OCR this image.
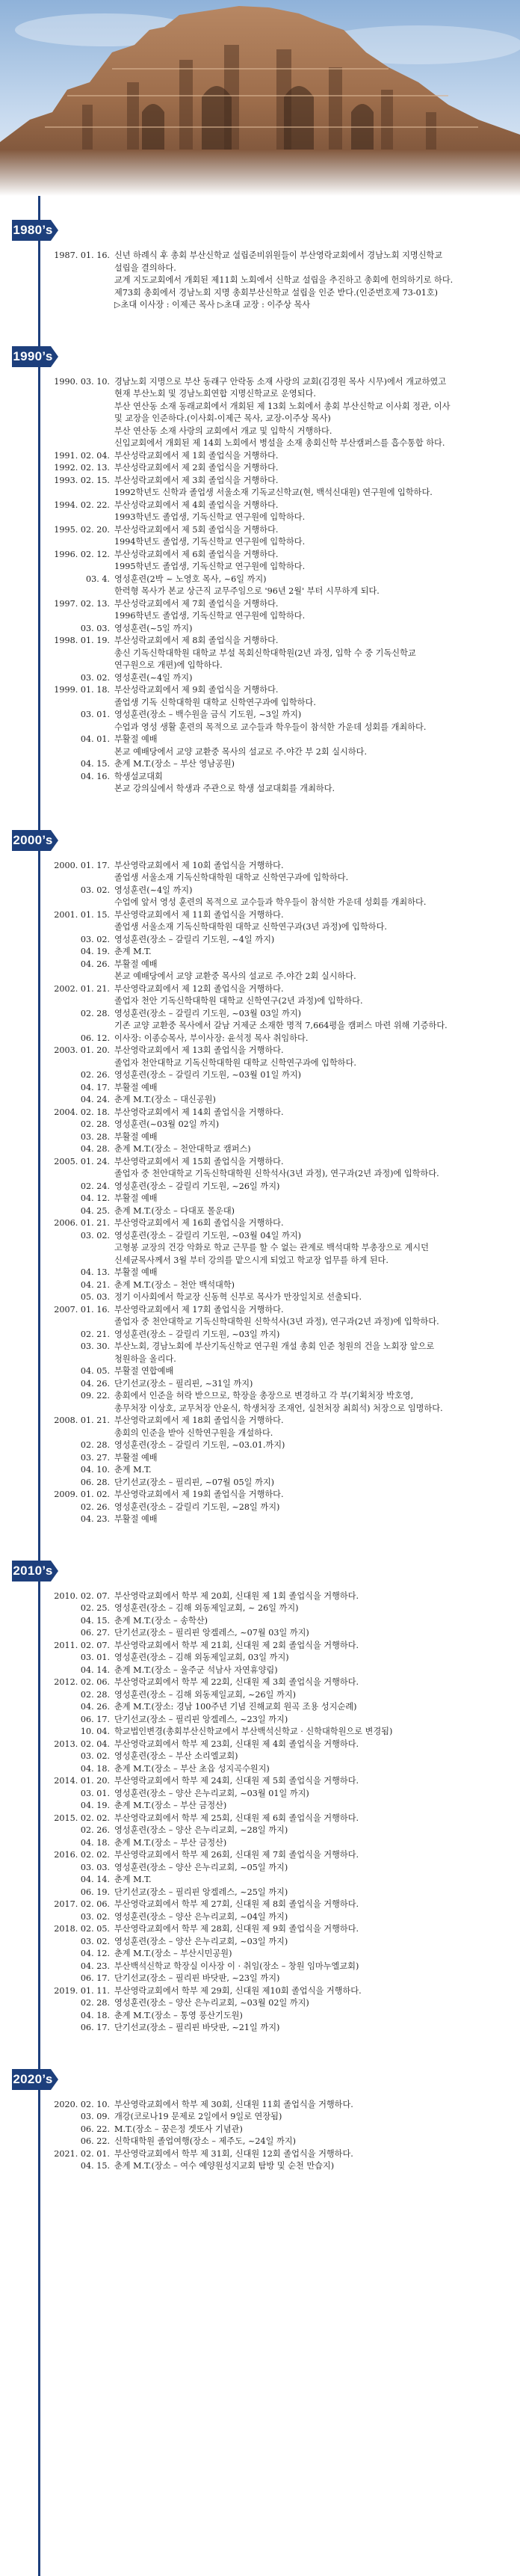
1980’s
1987. 01. 16. 신년 하례식 후 총회 부산신학교 설립준비위원들이 부산영락교회에서 경남노회 지명신학교
설립을 결의하다.
교계 지도교회에서 개회된 제11회 노회에서 신학교 설립을 추진하고 총회에 헌의하기로 하다.
제73회 총회에서 경남노회 지명 총회부산신학교 설립을 인준 받다.(인준번호제 73-01호)
▷초대 이사장 : 이제근 목사 ▷초대 교장 : 이주상 목사
1990’s
1990. 03. 10. 경남노회 지명으로 부산 동래구 안락동 소재 사랑의 교회(김경원 목사 시무)에서 개교하였고
현재 부산노회 및 경남노회연합 지명신학교로 운영되다.
부산 연산동 소재 동래교회에서 개회된 제 13회 노회에서 총회 부산신학교 이사회 정관, 이사
및 교장을 인준하다.(이사회-이제근 목사, 교장-이주상 목사)
부산 연산동 소재 사랑의 교회에서 개교 및 입학식 거행하다.
신입교회에서 개회된 제 14회 노회에서 병설을 소재 총회신학 부산캠퍼스를 흡수통합 하다.
1991. 02. 04. 부산성락교회에서 제 1회 졸업식을 거행하다.
1992. 02. 13. 부산성락교회에서 제 2회 졸업식을 거행하다.
1993. 02. 15. 부산성락교회에서 제 3회 졸업식을 거행하다.
1992학년도 신학과 졸업생 서울소재 기독교신학교(현, 백석신대원) 연구원에 입학하다.
1994. 02. 22. 부산성락교회에서 제 4회 졸업식을 거행하다.
1993학년도 졸업생, 기독신학교 연구원에 입학하다.
1995. 02. 20. 부산성락교회에서 제 5회 졸업식을 거행하다.
1994학년도 졸업생, 기독신학교 연구원에 입학하다.
1996. 02. 12. 부산성락교회에서 제 6회 졸업식을 거행하다.
1995학년도 졸업생, 기독신학교 연구원에 입학하다.
03. 4. 영성훈련(2박 ~ 노영호 목사, ~6일 까지)
한력형 목사가 본교 상근직 교무주임으로 '96년 2월' 부터 시무하게 되다.
1997. 02. 13. 부산성락교회에서 제 7회 졸업식을 거행하다.
1996학년도 졸업생, 기독신학교 연구원에 입학하다.
03. 03. 영성훈련(~5일 까지)
1998. 01. 19. 부산성락교회에서 제 8회 졸업식을 거행하다.
총신 기독신학대학원 대학교 부설 목회신학대학원(2년 과정, 입학 수 중 기독신학교
연구원으로 개편)에 입학하다.
03. 02. 영성훈련(~4일 까지)
1999. 01. 18. 부산성락교회에서 제 9회 졸업식을 거행하다.
졸업생 기독 신학대학원 대학교 신학연구과에 입학하다.
03. 01. 영성훈련(장소 – 백수원을 금식 기도원, ~3일 까지)
수업과 영성 생활 훈련의 목적으로 교수들과 학우들이 참석한 가운데 성회를 개최하다.
04. 01. 부활절 예배
본교 예배당에서 교양 교환중 목사의 설교로 주.야간 부 2회 실시하다.
04. 15. 춘계 M.T.(장소 – 부산 영남공원)
04. 16. 학생설교대회
본교 강의실에서 학생과 주관으로 학생 설교대회를 개최하다.
2000’s
2000. 01. 17. 부산영락교회에서 제 10회 졸업식을 거행하다.
졸업생 서울소재 기독신학대학원 대학교 신학연구과에 입학하다.
03. 02. 영성훈련(~4일 까지)
수업에 앞서 영성 훈련의 목적으로 교수들과 학우들이 참석한 가운데 성회를 개최하다.
2001. 01. 15. 부산영락교회에서 제 11회 졸업식을 거행하다.
졸업생 서울소재 기독신학대학원 대학교 신학연구과(3년 과정)에 입학하다.
03. 02. 영성훈련(장소 – 갈릴리 기도원, ~4일 까지)
04. 19. 춘계 M.T.
04. 26. 부활절 예배
본교 예배당에서 교양 교환중 목사의 설교로 주.야간 2회 실시하다.
2002. 01. 21. 부산영락교회에서 제 12회 졸업식을 거행하다.
졸업자 천안 기독신학대학원 대학교 신학연구(2년 과정)에 입학하다.
02. 28. 영성훈련(장소 – 갈릴리 기도원, ~03월 03일 까지)
기존 교양 교환중 목사에서 갈남 거제군 소재한 명적 7,664평을 캠퍼스 마련 위해 기증하다.
06. 12. 이사장: 이종승목사, 부이사장: 윤석정 목사 취임하다.
2003. 01. 20. 부산영락교회에서 제 13회 졸업식을 거행하다.
졸업자 천안대학교 기독신학대학원 대학교 신학연구과에 입학하다.
02. 26. 영성훈련(장소 – 갈릴리 기도원, ~03월 01일 까지)
04. 17. 부활절 예배
04. 24. 춘계 M.T.(장소 – 대신공원)
2004. 02. 18. 부산영락교회에서 제 14회 졸업식을 거행하다.
02. 28. 영성훈련(~03월 02일 까지)
03. 28. 부활절 예배
04. 28. 춘계 M.T.(장소 – 천안대학교 캠퍼스)
2005. 01. 24. 부산영락교회에서 제 15회 졸업식을 거행하다.
졸업자 중 천안대학교 기독신학대학원 신학석사(3년 과정), 연구과(2년 과정)에 입학하다.
02. 24. 영성훈련(장소 – 갈릴리 기도원, ~26일 까지)
04. 12. 부활절 예배
04. 25. 춘계 M.T.(장소 – 다대포 몰운대)
2006. 01. 21. 부산영락교회에서 제 16회 졸업식을 거행하다.
03. 02. 영성훈련(장소 – 갈릴리 기도원, ~03월 04일 까지)
고형봉 교장의 건강 악화로 학교 근무를 할 수 없는 관계로 백석대학 부총장으로 계시던
신세균목사께서 3월 부터 강의를 맡으시게 되었고 학교장 업무를 하게 된다.
04. 13. 부활절 예배
04. 21. 춘계 M.T.(장소 – 천안 백석대학)
05. 03. 정기 이사회에서 학교장 신동혁 신부로 목사가 만장일치로 선출되다.
2007. 01. 16. 부산영락교회에서 제 17회 졸업식을 거행하다.
졸업자 중 천안대학교 기독신학대학원 신학석사(3년 과정), 연구과(2년 과정)에 입학하다.
02. 21. 영성훈련(장소 – 갈릴리 기도원, ~03일 까지)
03. 30. 부산노회, 경남노회에 부산기독신학교 연구원 개설 총회 인준 청원의 건을 노회장 앞으로
청원하을 올리다.
04. 05. 부활절 연합예배
04. 26. 단기선교(장소 – 필리핀, ~31일 까지)
09. 22. 총회에서 인준을 허락 받으므로, 학장을 총장으로 변경하고 각 부(기획처장 박호영,
총무처장 이상호, 교무처장 안윤식, 학생처장 조재언, 실천처장 최희석) 처장으로 임명하다.
2008. 01. 21. 부산영락교회에서 제 18회 졸업식을 거행하다.
총회의 인준을 받아 신학연구원을 개설하다.
02. 28. 영성훈련(장소 – 갈릴리 기도원, ~03.01.까지)
03. 27. 부활절 예배
04. 10. 춘계 M.T.
06. 28. 단기선교(장소 – 필리핀, ~07월 05일 까지)
2009. 01. 02. 부산영락교회에서 제 19회 졸업식을 거행하다.
02. 26. 영성훈련(장소 – 갈릴리 기도원, ~28일 까지)
04. 23. 부활절 예배
2010’s
2010. 02. 07. 부산영락교회에서 학부 제 20회, 신대원 제 1회 졸업식을 거행하다.
02. 25. 영성훈련(장소 – 김해 외동제일교회, ~ 26일 까지)
04. 15. 춘계 M.T.(장소 – 송학산)
06. 27. 단기선교(장소 – 필리핀 앙겔레스, ~07월 03일 까지)
2011. 02. 07. 부산영락교회에서 학부 제 21회, 신대원 제 2회 졸업식을 거행하다.
03. 01. 영성훈련(장소 – 김해 외동제일교회, 03일 까지)
04. 14. 춘계 M.T.(장소 – 울주군 석남사 자연휴양림)
2012. 02. 06. 부산영락교회에서 학부 제 22회, 신대원 제 3회 졸업식을 거행하다.
02. 28. 영성훈련(장소 – 김해 외동제일교회, ~26일 까지)
04. 26. 춘계 M.T.(장소: 경남 100주년 기념 진해교회 원곡 조용 성지순례)
06. 17. 단기선교(장소 – 필리핀 앙겔레스, ~23일 까지)
10. 04. 학교법인변경(총회부산신학교에서 부산백석신학교 · 신학대학원으로 변경됨)
2013. 02. 04. 부산영락교회에서 학부 제 23회, 신대원 제 4회 졸업식을 거행하다.
03. 02. 영성훈련(장소 – 부산 소리엘교회)
04. 18. 춘계 M.T.(장소 – 부산 초읍 성지곡수원지)
2014. 01. 20. 부산영락교회에서 학부 제 24회, 신대원 제 5회 졸업식을 거행하다.
03. 01. 영성훈련(장소 – 양산 은누리교회, ~03월 01일 까지)
04. 19. 춘계 M.T.(장소 – 부산 금정산)
2015. 02. 02. 부산영락교회에서 학부 제 25회, 신대원 제 6회 졸업식을 거행하다.
02. 26. 영성훈련(장소 – 양산 은누리교회, ~28일 까지)
04. 18. 춘계 M.T.(장소 – 부산 금정산)
2016. 02. 02. 부산영락교회에서 학부 제 26회, 신대원 제 7회 졸업식을 거행하다.
03. 03. 영성훈련(장소 – 양산 은누리교회, ~05일 까지)
04. 14. 춘계 M.T.
06. 19. 단기선교(장소 – 필리핀 앙겔레스, ~25일 까지)
2017. 02. 06. 부산영락교회에서 학부 제 27회, 신대원 제 8회 졸업식을 거행하다.
03. 02. 영성훈련(장소 – 양산 은누리교회, ~04일 까지)
2018. 02. 05. 부산영락교회에서 학부 제 28회, 신대원 제 9회 졸업식을 거행하다.
03. 02. 영성훈련(장소 – 양산 은누리교회, ~03일 까지)
04. 12. 춘계 M.T.(장소 – 부산시민공원)
04. 23. 부산백석신학교 학장실 이사장 이 · 취임(장소 – 창원 임마누엘교회)
06. 17. 단기선교(장소 – 필리핀 바닷판, ~23일 까지)
2019. 01. 11. 부산영락교회에서 학부 제 29회, 신대원 제10회 졸업식을 거행하다.
02. 28. 영성훈련(장소 – 양산 은누리교회, ~03월 02일 까지)
04. 18. 춘계 M.T.(장소 – 통영 풍산기도원)
06. 17. 단기선교(장소 – 필리핀 바닷판, ~21일 까지)
2020’s
2020. 02. 10. 부산영락교회에서 학부 제 30회, 신대원 11회 졸업식을 거행하다.
03. 09. 개강(코로나19 문제로 2일에서 9일로 연장됨)
06. 22. M.T.(장소 – 꿈은정 겟또사 기념관)
06. 22. 신학대학원 졸업여행(장소 – 제주도, ~24일 까지)
2021. 02. 01. 부산영락교회에서 학부 제 31회, 신대원 12회 졸업식을 거행하다.
04. 15. 춘계 M.T.(장소 – 여수 예양원성지교회 탐방 및 순천 만습지)
